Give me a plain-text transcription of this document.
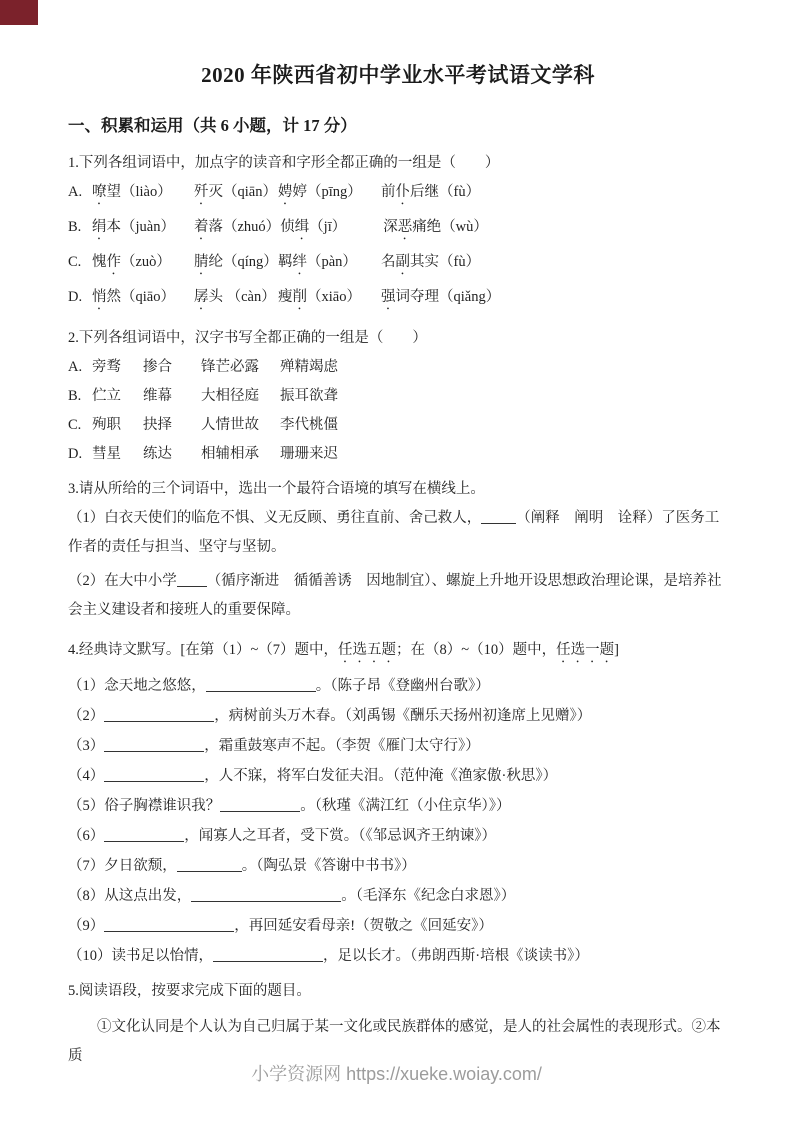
2020 年陕西省初中学业水平考试语文学科
一、积累和运用（共 6 小题，计 17 分）
1.下列各组词语中，加点字的读音和字形全都正确的一组是（　　）
A. 嘹望（liào） 歼灭（qiān）娉婷（pīng） 前仆后继（fù）
B. 绢本（juàn） 着落（zhuó）侦缉（jī）	深恶痛绝（wù）
C. 愧作（zuò） 腈纶（qíng）羁绊（pàn） 名副其实（fù）
D. 悄然（qiāo） 孱头 （càn） 瘦削（xiāo） 强词夺理（qiǎng）
2.下列各组词语中，汉字书写全都正确的一组是（　　）
A. 旁骛 掺合 锋芒必露 殚精竭虑
B. 伫立 维幕 大相径庭 振耳欲聋
C. 殉职 抉择 人情世故 李代桃僵
D. 彗星 练达 相辅相承 珊珊来迟
3.请从所给的三个词语中，选出一个最符合语境的填写在横线上。
（1）白衣天使们的临危不惧、义无反顾、勇往直前、舍己救人， （阐释　阐明　诠释）了医务工作者的责任与担当、坚守与坚韧。
（2）在大中小学 （循序渐进　循循善诱　因地制宜）、螺旋上升地开设思想政治理论课，是培养社会主义建设者和接班人的重要保障。
4.经典诗文默写。[在第（1）~（7）题中，任选五题；在（8）~（10）题中，任选一题]
（1）念天地之悠悠，	。（陈子昂《登幽州台歌》）
（2）	，病树前头万木春。（刘禹锡《酬乐天扬州初逢席上见赠》）
（3）	，霜重鼓寒声不起。（李贺《雁门太守行》）
（4）	，人不寐，将军白发征夫泪。（范仲淹《渔家傲·秋思》）
（5）俗子胸襟谁识我？	。（秋瑾《满江红（小住京华）》）
（6）	，闻寡人之耳者，受下赏。（《邹忌讽齐王纳谏》）
（7）夕日欲颓，	。（陶弘景《答谢中书书》）
（8）从这点出发，	。（毛泽东《纪念白求恩》）
（9）	，再回延安看母亲!（贺敬之《回延安》）
（10）读书足以怡情，	，足以长才。（弗朗西斯·培根《谈读书》）
5.阅读语段，按要求完成下面的题目。
①文化认同是个人认为自己归属于某一文化或民族群体的感觉，是人的社会属性的表现形式。②本质
小学资源网 https://xueke.woiay.com/
